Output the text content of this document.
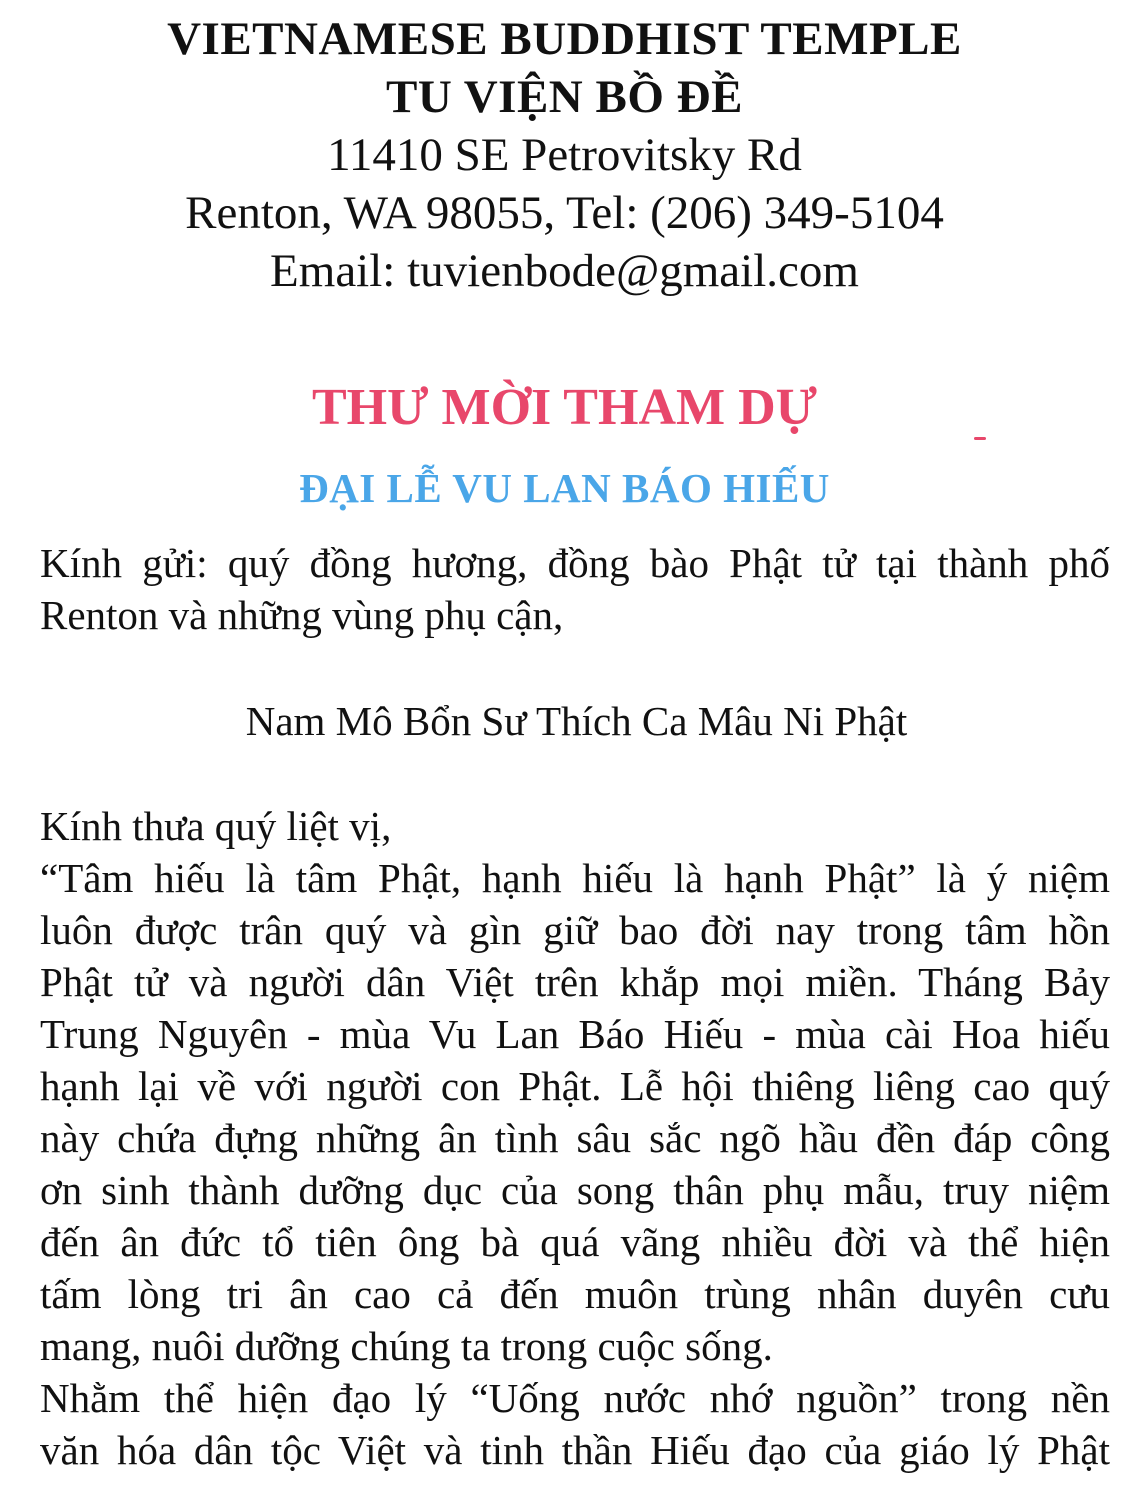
VIETNAMESE BUDDHIST TEMPLE
TU VIỆN BỒ ĐỀ
11410 SE Petrovitsky Rd
Renton, WA 98055, Tel: (206) 349-5104
Email: tuvienbode@gmail.com
THƯ MỜI THAM DỰ
ĐẠI LỄ VU LAN BÁO HIẾU
Kính gửi: quý đồng hương, đồng bào Phật tử tại thành phố
Renton và những vùng phụ cận,
Nam Mô Bổn Sư Thích Ca Mâu Ni Phật
Kính thưa quý liệt vị,
“Tâm hiếu là tâm Phật, hạnh hiếu là hạnh Phật” là ý niệm
luôn được trân quý và gìn giữ bao đời nay trong tâm hồn
Phật tử và người dân Việt trên khắp mọi miền. Tháng Bảy
Trung Nguyên - mùa Vu Lan Báo Hiếu - mùa cài Hoa hiếu
hạnh lại về với người con Phật. Lễ hội thiêng liêng cao quý
này chứa đựng những ân tình sâu sắc ngõ hầu đền đáp công
ơn sinh thành dưỡng dục của song thân phụ mẫu, truy niệm
đến ân đức tổ tiên ông bà quá vãng nhiều đời và thể hiện
tấm lòng tri ân cao cả đến muôn trùng nhân duyên cưu
mang, nuôi dưỡng chúng ta trong cuộc sống.
Nhằm thể hiện đạo lý “Uống nước nhớ nguồn” trong nền
văn hóa dân tộc Việt và tinh thần Hiếu đạo của giáo lý Phật
